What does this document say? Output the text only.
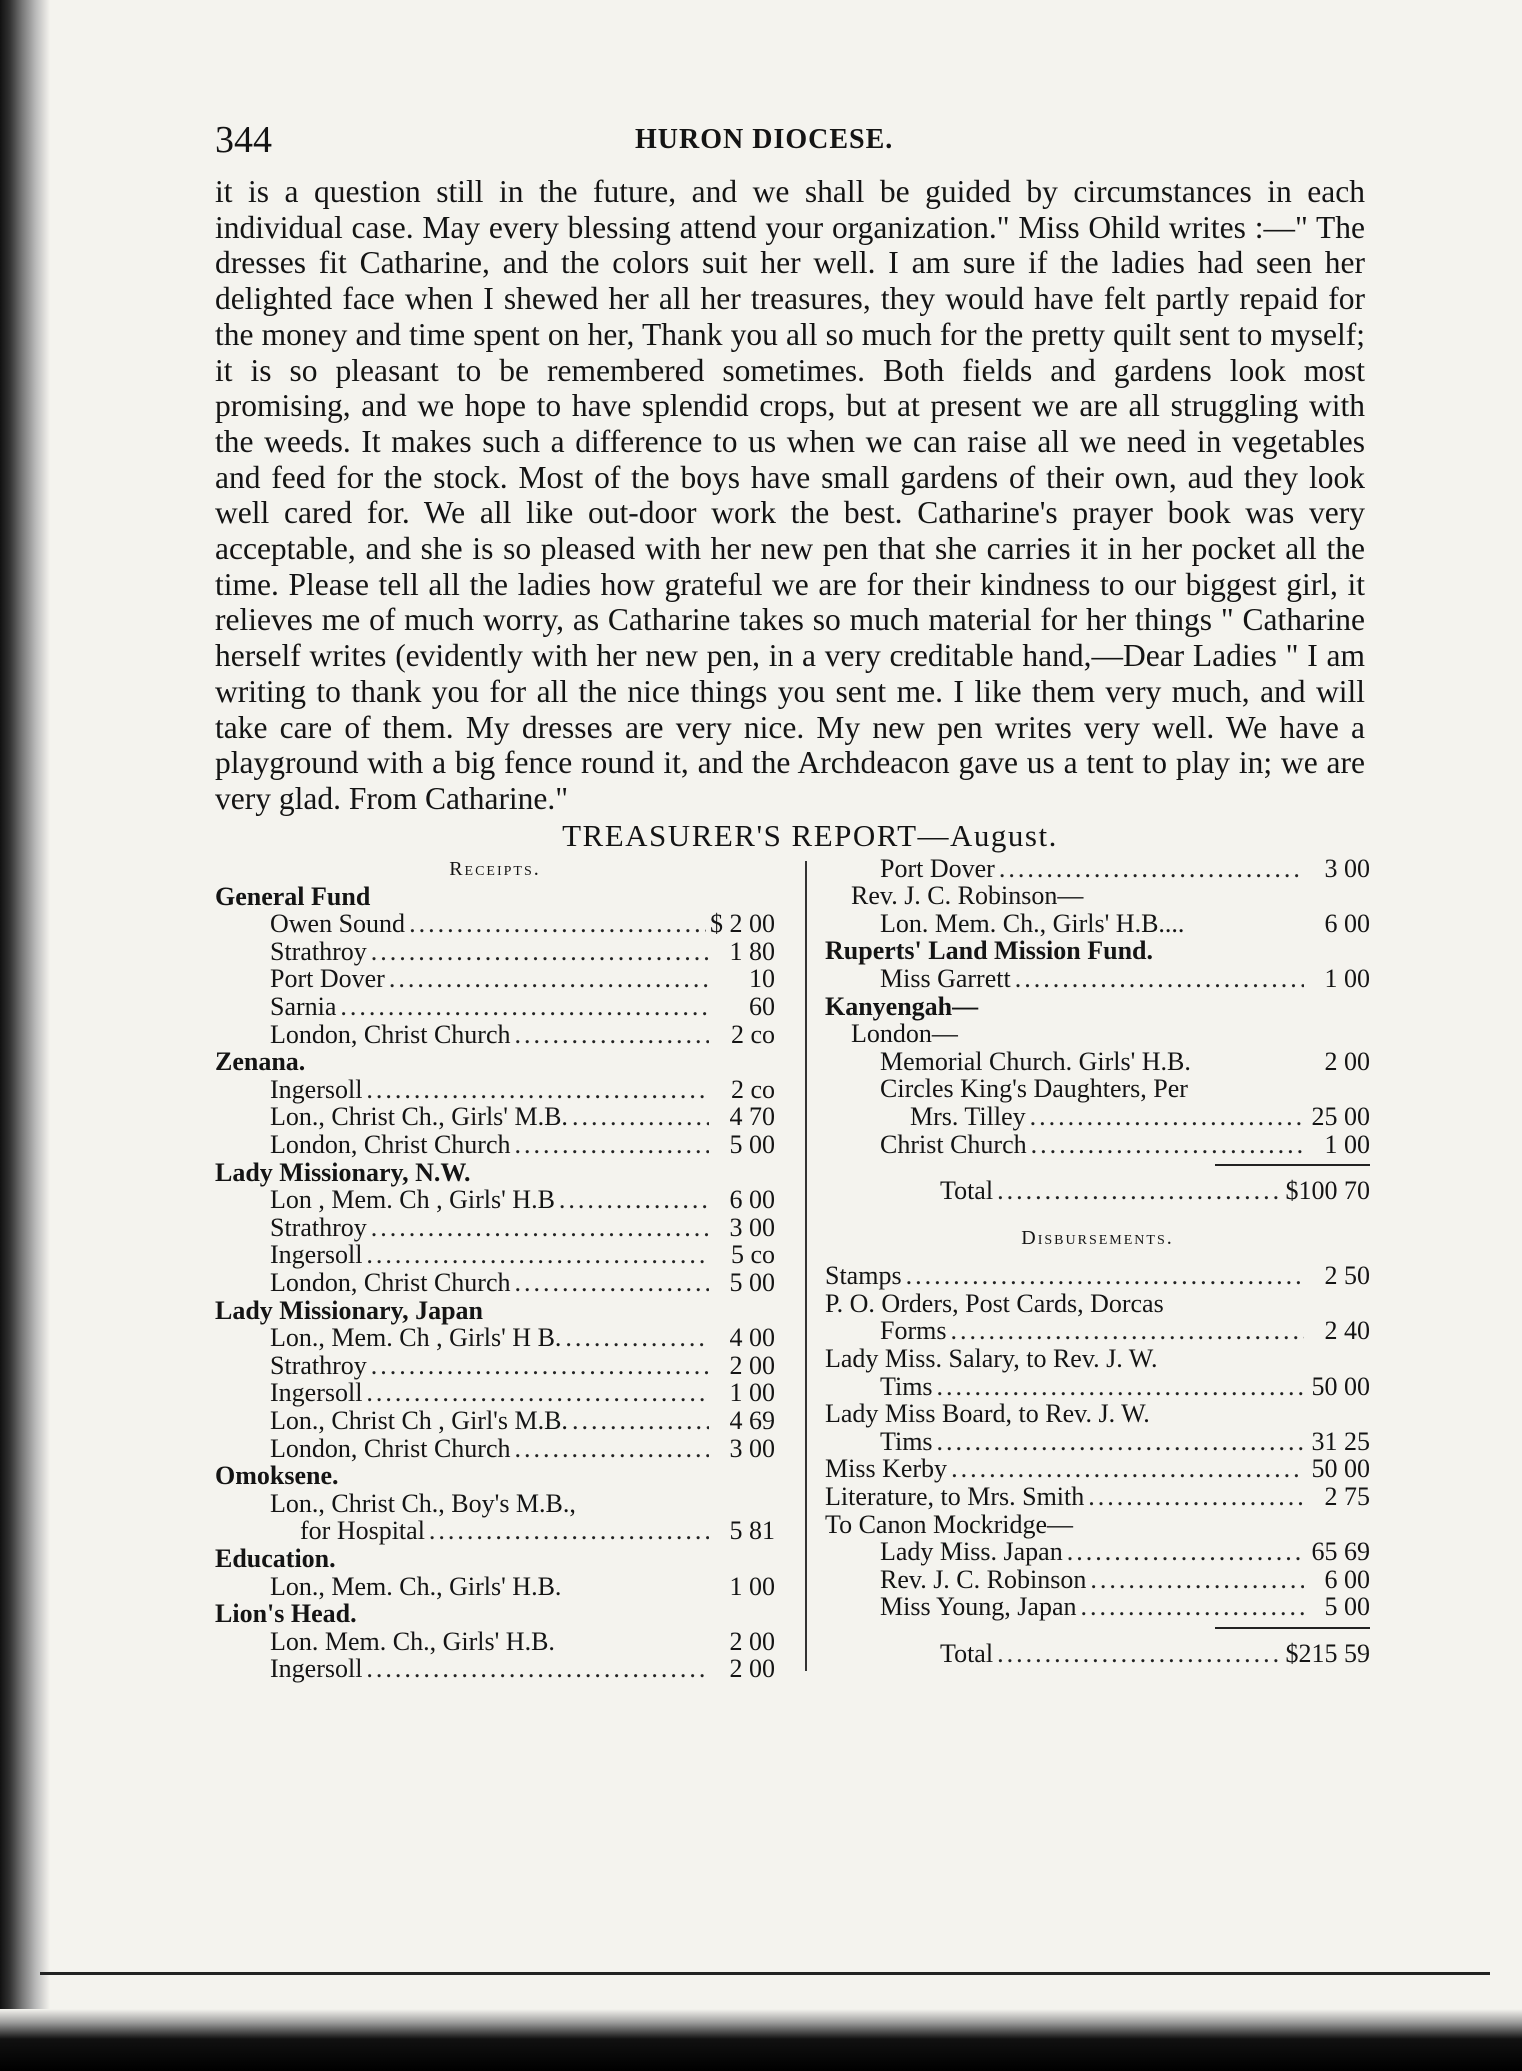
344	HURON DIOCESE.

it is a question still in the future, and we shall be guided by circumstances in each individual case. May every blessing attend your organization." Miss Ohild writes :—" The dresses fit Catharine, and the colors suit her well. I am sure if the ladies had seen her delighted face when I shewed her all her treasures, they would have felt partly repaid for the money and time spent on her, Thank you all so much for the pretty quilt sent to myself; it is so pleasant to be remembered sometimes. Both fields and gardens look most promising, and we hope to have splendid crops, but at present we are all struggling with the weeds. It makes such a difference to us when we can raise all we need in vegetables and feed for the stock. Most of the boys have small gardens of their own, aud they look well cared for. We all like out-door work the best. Catharine's prayer book was very acceptable, and she is so pleased with her new pen that she carries it in her pocket all the time. Please tell all the ladies how grateful we are for their kindness to our biggest girl, it relieves me of much worry, as Catharine takes so much material for her things " Catharine herself writes (evidently with her new pen, in a very creditable hand,—Dear Ladies " I am writing to thank you for all the nice things you sent me. I like them very much, and will take care of them. My dresses are very nice. My new pen writes very well. We have a playground with a big fence round it, and the Archdeacon gave us a tent to play in; we are very glad. From Catharine."

TREASURER'S REPORT—August.
Receipts.
General Fund
Owen Sound .....	$ 2 00
Strathroy .....	1 80
Port Dover .....	10
Sarnia .....	60
London, Christ Church .....	2 co
Zenana.
Ingersoll .....	2 co
Lon., Christ Ch., Girls' M.B. .....	4 70
London, Christ Church .....	5 00
Lady Missionary, N.W.
Lon , Mem. Ch , Girls' H.B .....	6 00
Strathroy .....	3 00
Ingersoll .....	5 co
London, Christ Church .....	5 00
Lady Missionary, Japan
Lon., Mem. Ch , Girls' H B. .....	4 00
Strathroy .....	2 00
Ingersoll .....	1 00
Lon., Christ Ch , Girl's M.B. .....	4 69
London, Christ Church .....	3 00
Omoksene.
Lon., Christ Ch., Boy's M.B.,
for Hospital .....	5 81
Education.
Lon., Mem. Ch., Girls' H.B.	1 00
Lion's Head.
Lon. Mem. Ch., Girls' H.B.	2 00
Ingersoll .....	2 00
Port Dover .....	3 00
Rev. J. C. Robinson—
Lon. Mem. Ch., Girls' H.B....	6 00
Ruperts' Land Mission Fund.
Miss Garrett .....	1 00
Kanyengah—
London—
Memorial Church. Girls' H.B.	2 00
Circles King's Daughters, Per
Mrs. Tilley .....	25 00
Christ Church .....	1 00
Total .....	$100 70
Disbursements.
Stamps .....	2 50
P. O. Orders, Post Cards, Dorcas
Forms .....	2 40
Lady Miss. Salary, to Rev. J. W.
Tims .....	50 00
Lady Miss Board, to Rev. J. W.
Tims .....	31 25
Miss Kerby .....	50 00
Literature, to Mrs. Smith .....	2 75
To Canon Mockridge—
Lady Miss. Japan .....	65 69
Rev. J. C. Robinson .....	6 00
Miss Young, Japan .....	5 00
Total .....	$215 59
